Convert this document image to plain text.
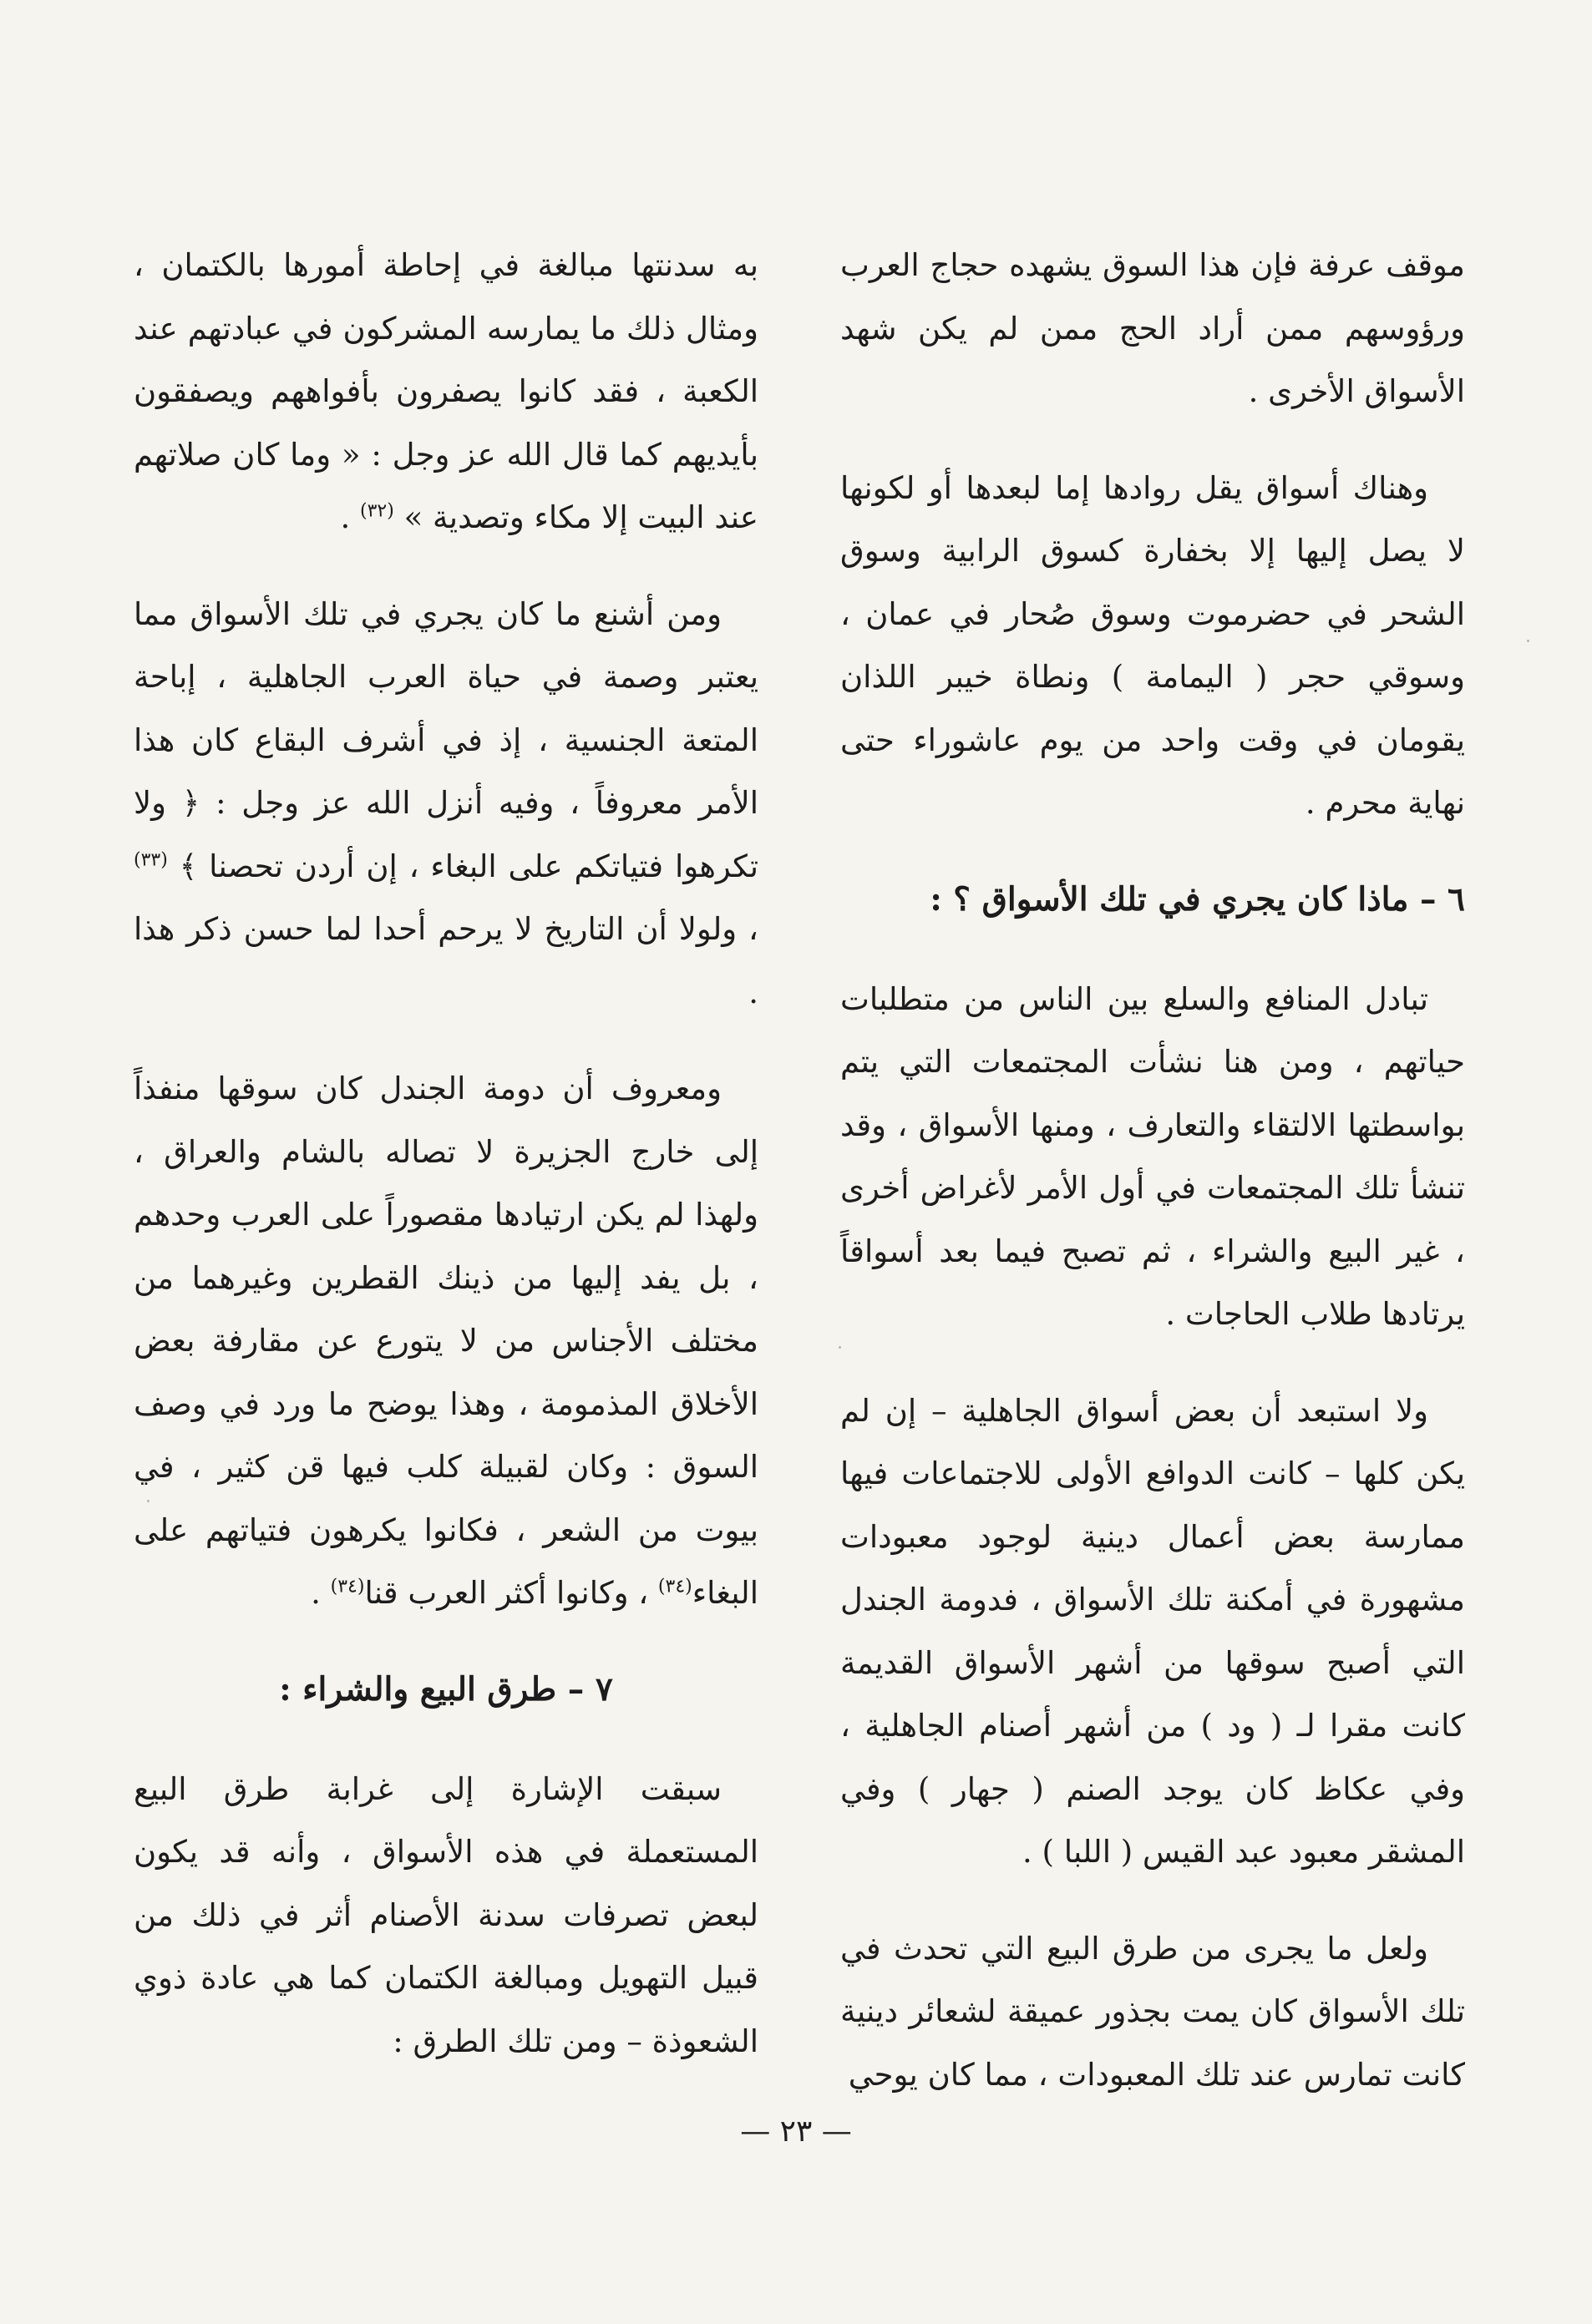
موقف عرفة فإن هذا السوق يشهده حجاج العرب ورؤوسهم ممن أراد الحج ممن لم يكن شهد الأسواق الأخرى .

وهناك أسواق يقل روادها إما لبعدها أو لكونها لا يصل إليها إلا بخفارة كسوق الرابية وسوق الشحر في حضرموت وسوق صُحار في عمان ، وسوقي حجر ( اليمامة ) ونطاة خيبر اللذان يقومان في وقت واحد من يوم عاشوراء حتى نهاية محرم .

٦ – ماذا كان يجري في تلك الأسواق ؟ :

تبادل المنافع والسلع بين الناس من متطلبات حياتهم ، ومن هنا نشأت المجتمعات التي يتم بواسطتها الالتقاء والتعارف ، ومنها الأسواق ، وقد تنشأ تلك المجتمعات في أول الأمر لأغراض أخرى ، غير البيع والشراء ، ثم تصبح فيما بعد أسواقاً يرتادها طلاب الحاجات .

ولا استبعد أن بعض أسواق الجاهلية – إن لم يكن كلها – كانت الدوافع الأولى للاجتماعات فيها ممارسة بعض أعمال دينية لوجود معبودات مشهورة في أمكنة تلك الأسواق ، فدومة الجندل التي أصبح سوقها من أشهر الأسواق القديمة كانت مقرا لـ ( ود ) من أشهر أصنام الجاهلية ، وفي عكاظ كان يوجد الصنم ( جهار ) وفي المشقر معبود عبد القيس ( اللبا ) .

ولعل ما يجرى من طرق البيع التي تحدث في تلك الأسواق كان يمت بجذور عميقة لشعائر دينية كانت تمارس عند تلك المعبودات ، مما كان يوحي

به سدنتها مبالغة في إحاطة أمورها بالكتمان ، ومثال ذلك ما يمارسه المشركون في عبادتهم عند الكعبة ، فقد كانوا يصفرون بأفواههم ويصفقون بأيديهم كما قال الله عز وجل : « وما كان صلاتهم عند البيت إلا مكاء وتصدية » $^{(٣٢)}$ .

ومن أشنع ما كان يجري في تلك الأسواق مما يعتبر وصمة في حياة العرب الجاهلية ، إباحة المتعة الجنسية ، إذ في أشرف البقاع كان هذا الأمر معروفاً ، وفيه أنزل الله عز وجل : ﴿ ولا تكرهوا فتياتكم على البغاء ، إن أردن تحصنا ﴾ $^{(٣٣)}$ ، ولولا أن التاريخ لا يرحم أحدا لما حسن ذكر هذا .

ومعروف أن دومة الجندل كان سوقها منفذاً إلى خارج الجزيرة لا تصاله بالشام والعراق ، ولهذا لم يكن ارتيادها مقصوراً على العرب وحدهم ، بل يفد إليها من ذينك القطرين وغيرهما من مختلف الأجناس من لا يتورع عن مقارفة بعض الأخلاق المذمومة ، وهذا يوضح ما ورد في وصف السوق : وكان لقبيلة كلب فيها قن كثير ، في بيوت من الشعر ، فكانوا يكرهون فتياتهم على البغاء$^{(٣٤)}$ ، وكانوا أكثر العرب قنا$^{(٣٤)}$ .

٧ – طرق البيع والشراء :

سبقت الإشارة إلى غرابة طرق البيع المستعملة في هذه الأسواق ، وأنه قد يكون لبعض تصرفات سدنة الأصنام أثر في ذلك من قبيل التهويل ومبالغة الكتمان كما هي عادة ذوي الشعوذة – ومن تلك الطرق :

— ٢٣ —
